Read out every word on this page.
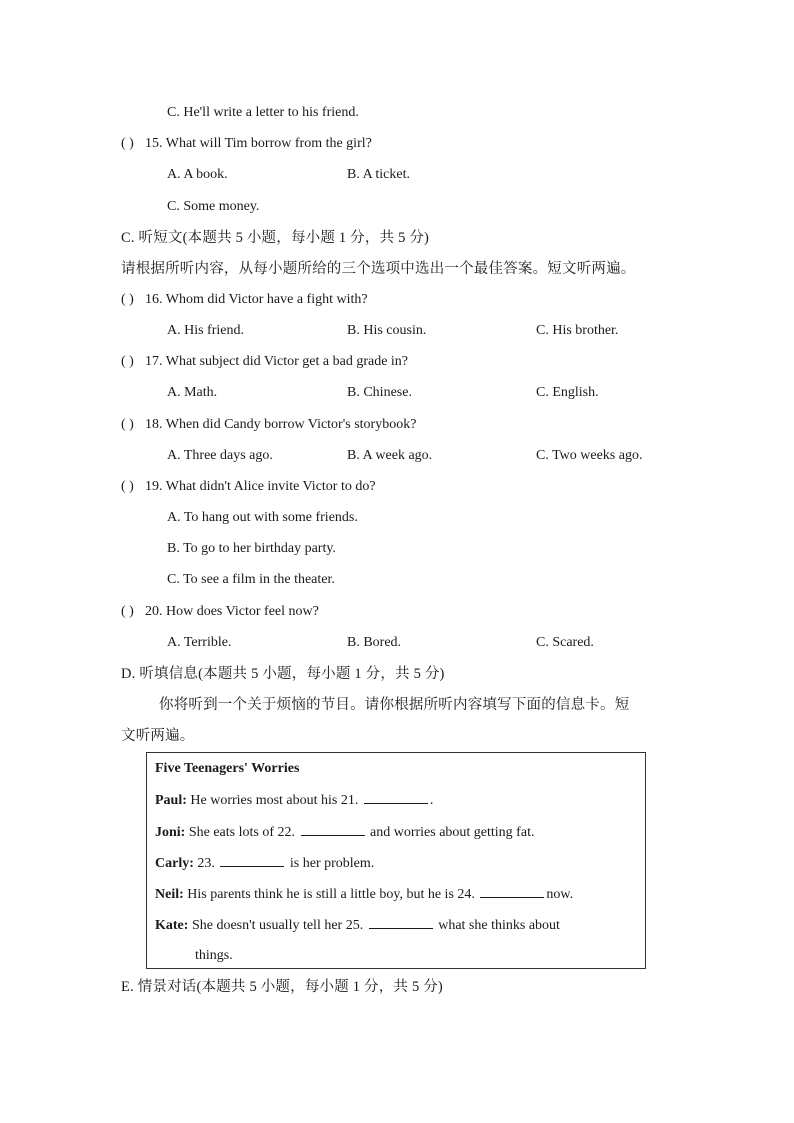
C. He'll write a letter to his friend.
( ) 15. What will Tim borrow from the girl?
A. A book.	B. A ticket.
C. Some money.
C. 听短文(本题共 5 小题，每小题 1 分，共 5 分)
请根据所听内容，从每小题所给的三个选项中选出一个最佳答案。短文听两遍。
( ) 16. Whom did Victor have a fight with?
A. His friend.	B. His cousin.	C. His brother.
( ) 17. What subject did Victor get a bad grade in?
A. Math.	B. Chinese.	C. English.
( ) 18. When did Candy borrow Victor's storybook?
A. Three days ago.	B. A week ago.	C. Two weeks ago.
( ) 19. What didn't Alice invite Victor to do?
A. To hang out with some friends.
B. To go to her birthday party.
C. To see a film in the theater.
( ) 20. How does Victor feel now?
A. Terrible.	B. Bored.	C. Scared.
D. 听填信息(本题共 5 小题，每小题 1 分，共 5 分)
你将听到一个关于烦恼的节目。请你根据所听内容填写下面的信息卡。短
文听两遍。
Five Teenagers' Worries
Paul: He worries most about his 21.	.
Joni: She eats lots of 22.	and worries about getting fat.
Carly: 23.	is her problem.
Neil: His parents think he is still a little boy, but he is 24.	now.
Kate: She doesn't usually tell her 25.	what she thinks about
things.
E. 情景对话(本题共 5 小题，每小题 1 分，共 5 分)
